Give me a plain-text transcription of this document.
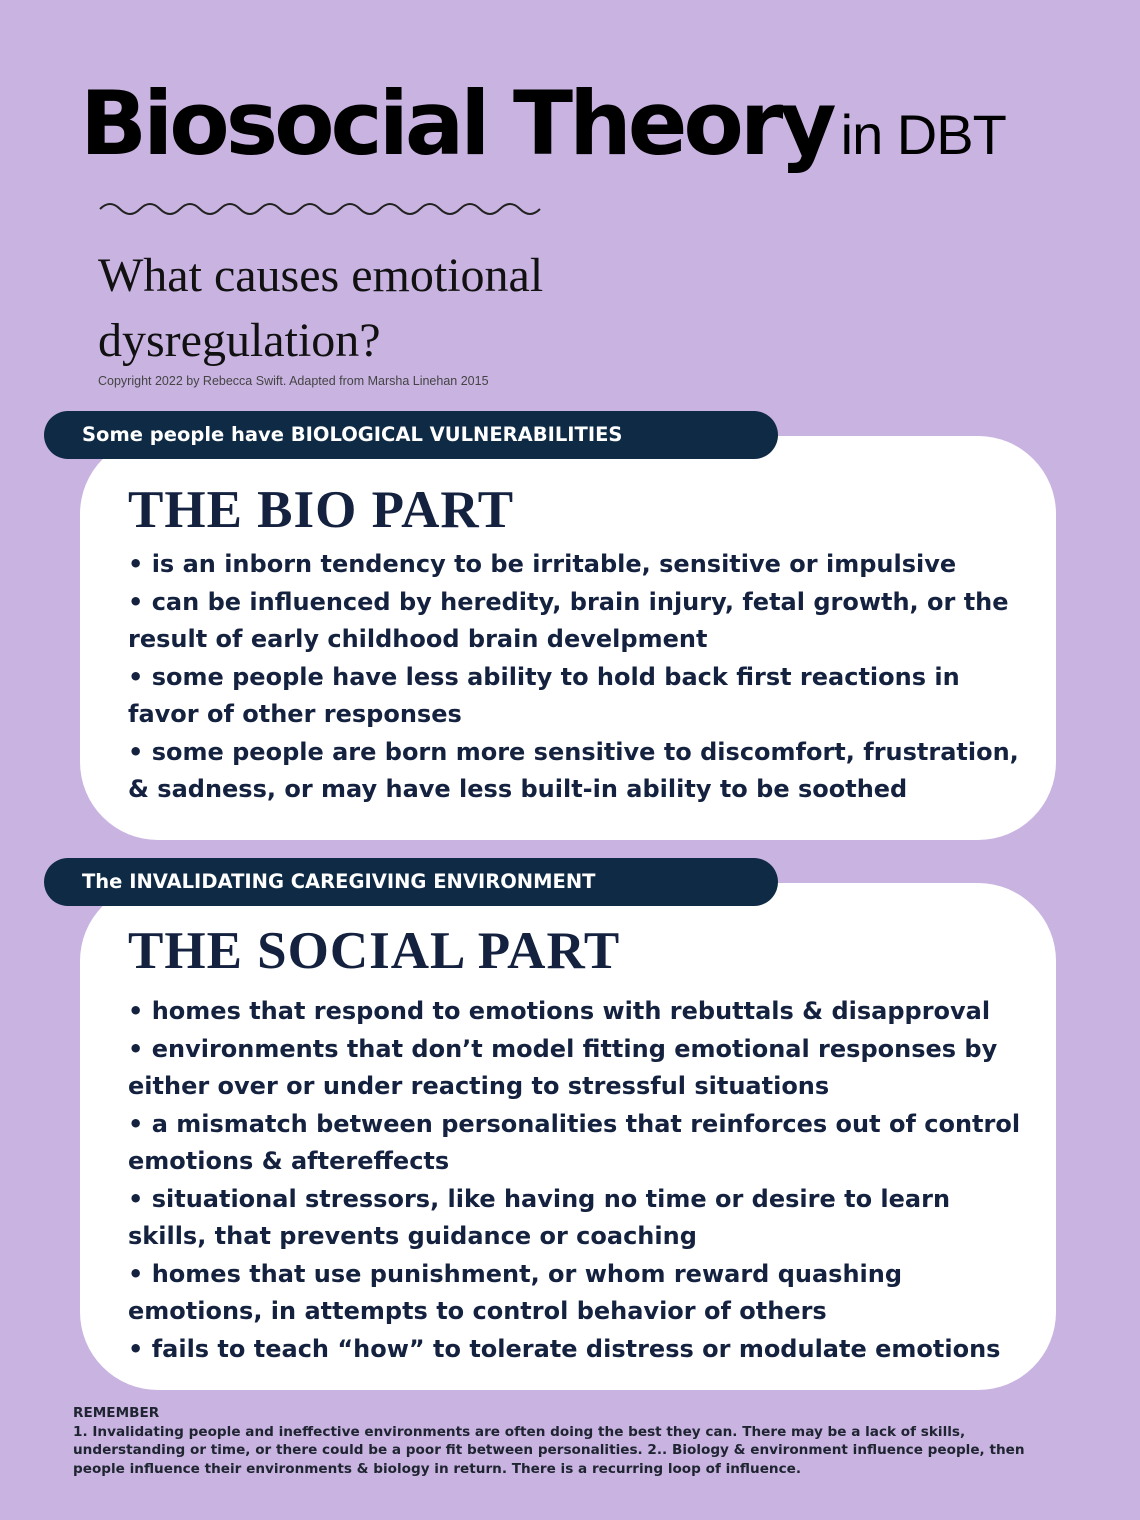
Biosocial Theory in DBT
What causes emotional dysregulation?
Copyright 2022 by Rebecca Swift. Adapted from Marsha Linehan 2015
Some people have BIOLOGICAL VULNERABILITIES
THE BIO PART
• is an inborn tendency to be irritable, sensitive or impulsive
• can be influenced by heredity, brain injury, fetal growth, or the result of early childhood brain develpment
• some people have less ability to hold back first reactions in favor of other responses
• some people are born more sensitive to discomfort, frustration, & sadness, or may have less built-in ability to be soothed
The INVALIDATING CAREGIVING ENVIRONMENT
THE SOCIAL PART
• homes that respond to emotions with rebuttals & disapproval
• environments that don’t model fitting emotional responses by either over or under reacting to stressful situations
• a mismatch between personalities that reinforces out of control emotions & aftereffects
• situational stressors, like having no time or desire to learn skills, that prevents guidance or coaching
• homes that use punishment, or whom reward quashing emotions, in attempts to control behavior of others
• fails to teach “how” to tolerate distress or modulate emotions

REMEMBER

1. Invalidating people and ineffective environments are often doing the best they can. There may be a lack of skills, understanding or time, or there could be a poor fit between personalities. 2.. Biology & environment influence people, then people influence their environments & biology in return. There is a recurring loop of influence.
